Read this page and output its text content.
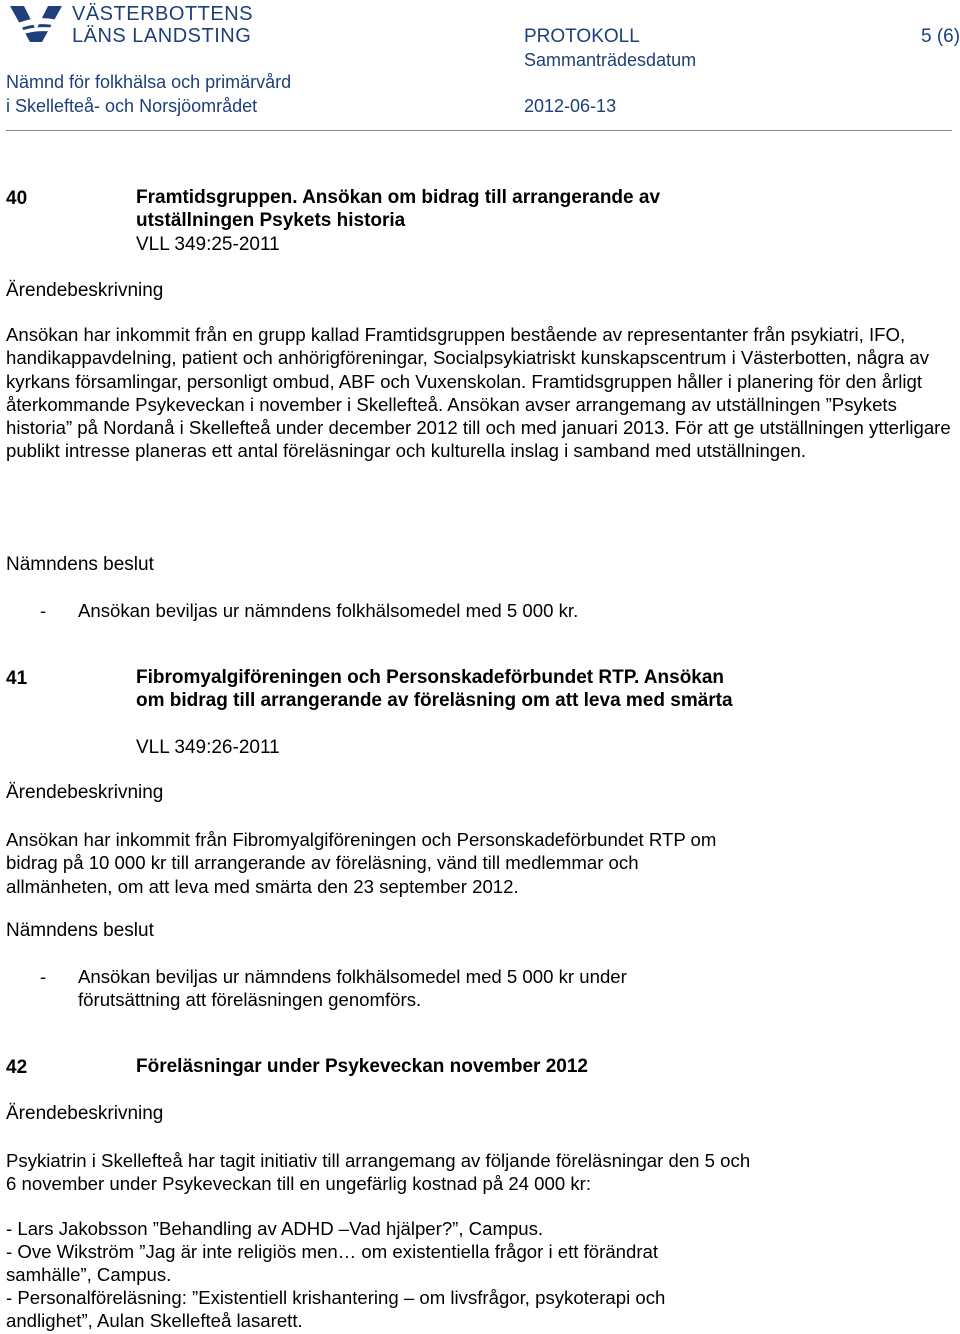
VÄSTERBOTTENS
LÄNS LANDSTING	PROTOKOLL	5 (6)
Sammanträdesdatum
Nämnd för folkhälsa och primärvård
i Skellefteå- och Norsjöområdet	2012-06-13
40	Framtidsgruppen. Ansökan om bidrag till arrangerande av utställningen Psykets historia
VLL 349:25-2011
Ärendebeskrivning
Ansökan har inkommit från en grupp kallad Framtidsgruppen bestående av representanter från psykiatri, IFO, handikappavdelning, patient och anhörigföreningar, Socialpsykiatriskt kunskapscentrum i Västerbotten, några av kyrkans församlingar, personligt ombud, ABF och Vuxenskolan. Framtidsgruppen håller i planering för den årligt återkommande Psykeveckan i november i Skellefteå. Ansökan avser arrangemang av utställningen ”Psykets historia” på Nordanå i Skellefteå under december 2012 till och med januari 2013. För att ge utställningen ytterligare publikt intresse planeras ett antal föreläsningar och kulturella inslag i samband med utställningen.
Nämndens beslut
-	Ansökan beviljas ur nämndens folkhälsomedel med 5 000 kr.
41	Fibromyalgiföreningen och Personskadeförbundet RTP. Ansökan om bidrag till arrangerande av föreläsning om att leva med smärta
VLL 349:26-2011
Ärendebeskrivning
Ansökan har inkommit från Fibromyalgiföreningen och Personskadeförbundet RTP om bidrag på 10 000 kr till arrangerande av föreläsning, vänd till medlemmar och allmänheten, om att leva med smärta den 23 september 2012.
Nämndens beslut
-	Ansökan beviljas ur nämndens folkhälsomedel med 5 000 kr under förutsättning att föreläsningen genomförs.
42	Föreläsningar under Psykeveckan november 2012
Ärendebeskrivning
Psykiatrin i Skellefteå har tagit initiativ till arrangemang av följande föreläsningar den 5 och 6 november under Psykeveckan till en ungefärlig kostnad på 24 000 kr:
- Lars Jakobsson ”Behandling av ADHD –Vad hjälper?”, Campus.
- Ove Wikström ”Jag är inte religiös men… om existentiella frågor i ett förändrat samhälle”, Campus.
- Personalföreläsning: ”Existentiell krishantering – om livsfrågor, psykoterapi och andlighet”, Aulan Skellefteå lasarett.
